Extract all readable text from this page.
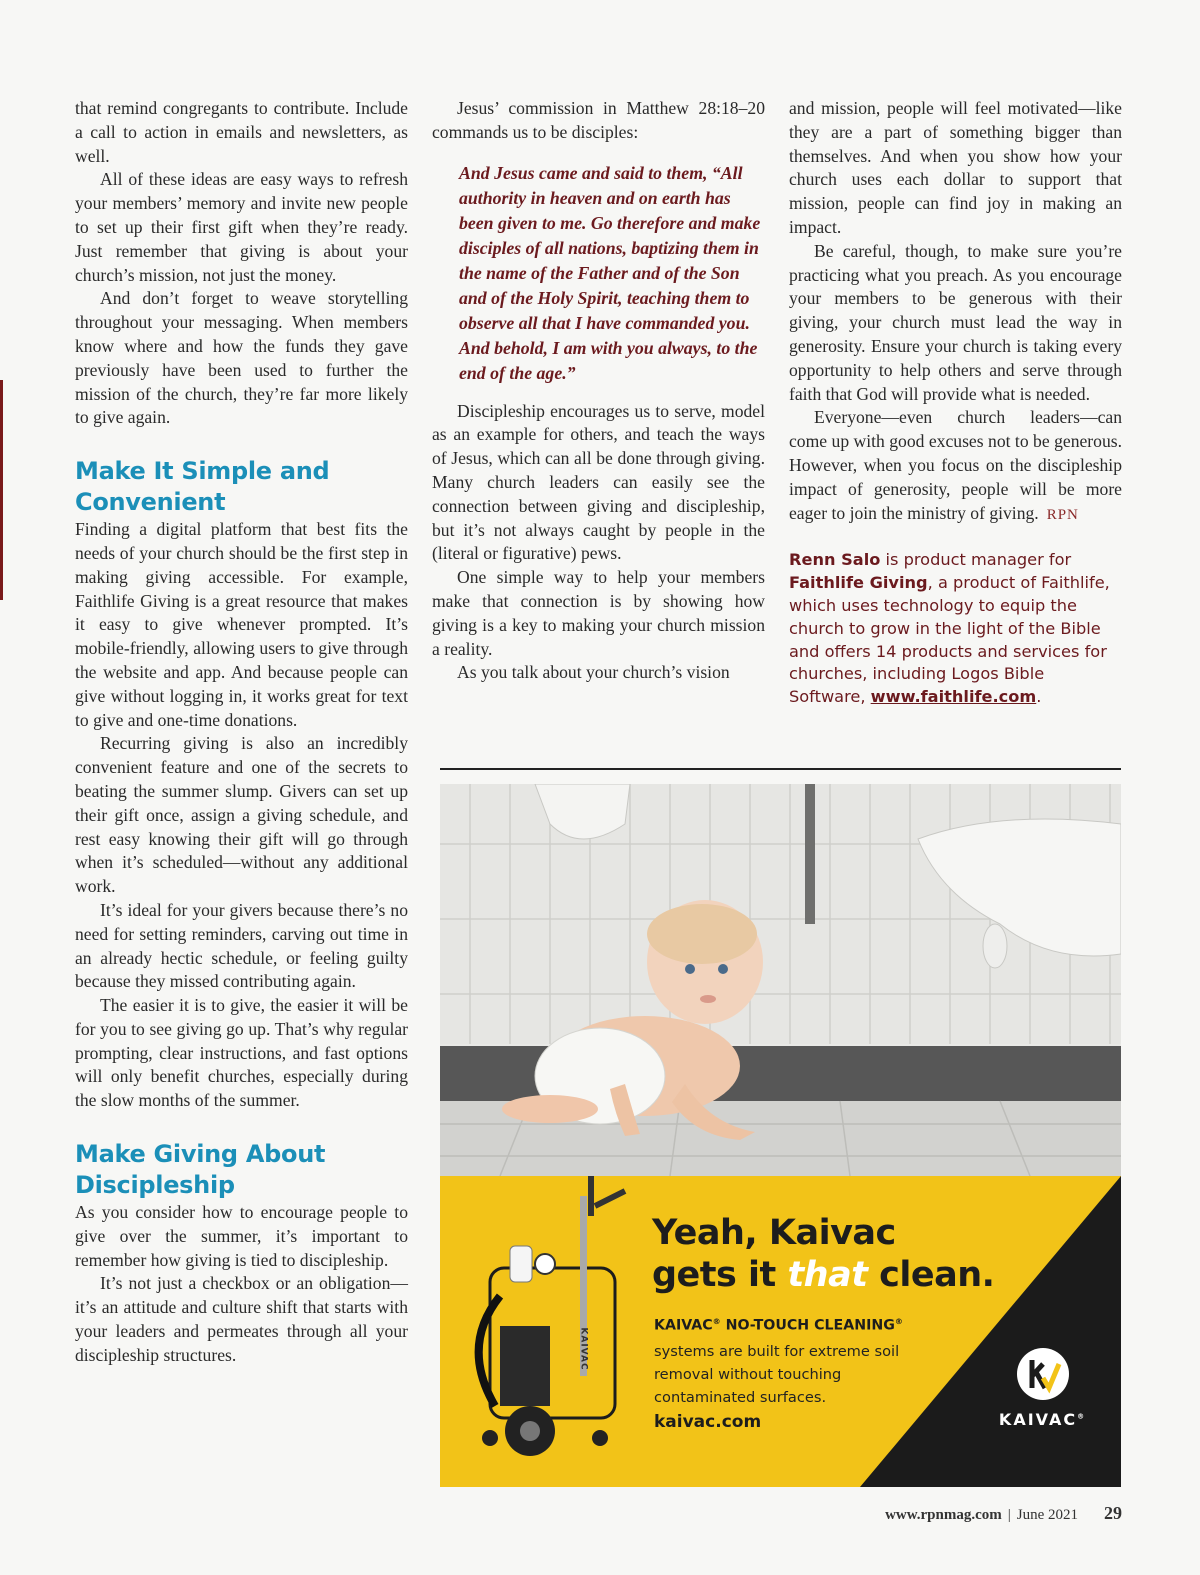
that remind congregants to contribute. Include a call to action in emails and newsletters, as well.

All of these ideas are easy ways to refresh your members’ memory and invite new people to set up their first gift when they’re ready. Just remember that giving is about your church’s mission, not just the money.

And don’t forget to weave storytelling throughout your messaging. When members know where and how the funds they gave previously have been used to further the mission of the church, they’re far more likely to give again.

Make It Simple and Convenient

Finding a digital platform that best fits the needs of your church should be the first step in making giving accessible. For example, Faithlife Giving is a great resource that makes it easy to give whenever prompted. It’s mobile-friendly, allowing users to give through the website and app. And because people can give without logging in, it works great for text to give and one-time donations.

Recurring giving is also an incredibly convenient feature and one of the secrets to beating the summer slump. Givers can set up their gift once, assign a giving schedule, and rest easy knowing their gift will go through when it’s scheduled—without any additional work.

It’s ideal for your givers because there’s no need for setting reminders, carving out time in an already hectic schedule, or feeling guilty because they missed contributing again.

The easier it is to give, the easier it will be for you to see giving go up. That’s why regular prompting, clear instructions, and fast options will only benefit churches, especially during the slow months of the summer.

Make Giving About Discipleship

As you consider how to encourage people to give over the summer, it’s important to remember how giving is tied to discipleship.

It’s not just a checkbox or an obligation—it’s an attitude and culture shift that starts with your leaders and permeates through all your discipleship structures.

Jesus’ commission in Matthew 28:18–20 commands us to be disciples:

And Jesus came and said to them, “All authority in heaven and on earth has been given to me. Go therefore and make disciples of all nations, baptizing them in the name of the Father and of the Son and of the Holy Spirit, teaching them to observe all that I have commanded you. And behold, I am with you always, to the end of the age.”

Discipleship encourages us to serve, model as an example for others, and teach the ways of Jesus, which can all be done through giving. Many church leaders can easily see the connection between giving and discipleship, but it’s not always caught by people in the (literal or figurative) pews.

One simple way to help your members make that connection is by showing how giving is a key to making your church mission a reality.

As you talk about your church’s vision

and mission, people will feel motivated—like they are a part of something bigger than themselves. And when you show how your church uses each dollar to support that mission, people can find joy in making an impact.

Be careful, though, to make sure you’re practicing what you preach. As you encourage your members to be generous with their giving, your church must lead the way in generosity. Ensure your church is taking every opportunity to help others and serve through faith that God will provide what is needed.

Everyone—even church leaders—can come up with good excuses not to be generous. However, when you focus on the discipleship impact of generosity, people will be more eager to join the ministry of giving. RPN

Renn Salo is product manager for Faithlife Giving, a product of Faithlife, which uses technology to equip the church to grow in the light of the Bible and offers 14 products and services for churches, including Logos Bible Software, www.faithlife.com.
KAIVAC
Yeah, Kaivac
gets it that clean.
KAIVAC® NO-TOUCH CLEANING®
systems are built for extreme soil removal without touching contaminated surfaces.
kaivac.com	KAIVAC®
www.rpnmag.com | June 2021 29
